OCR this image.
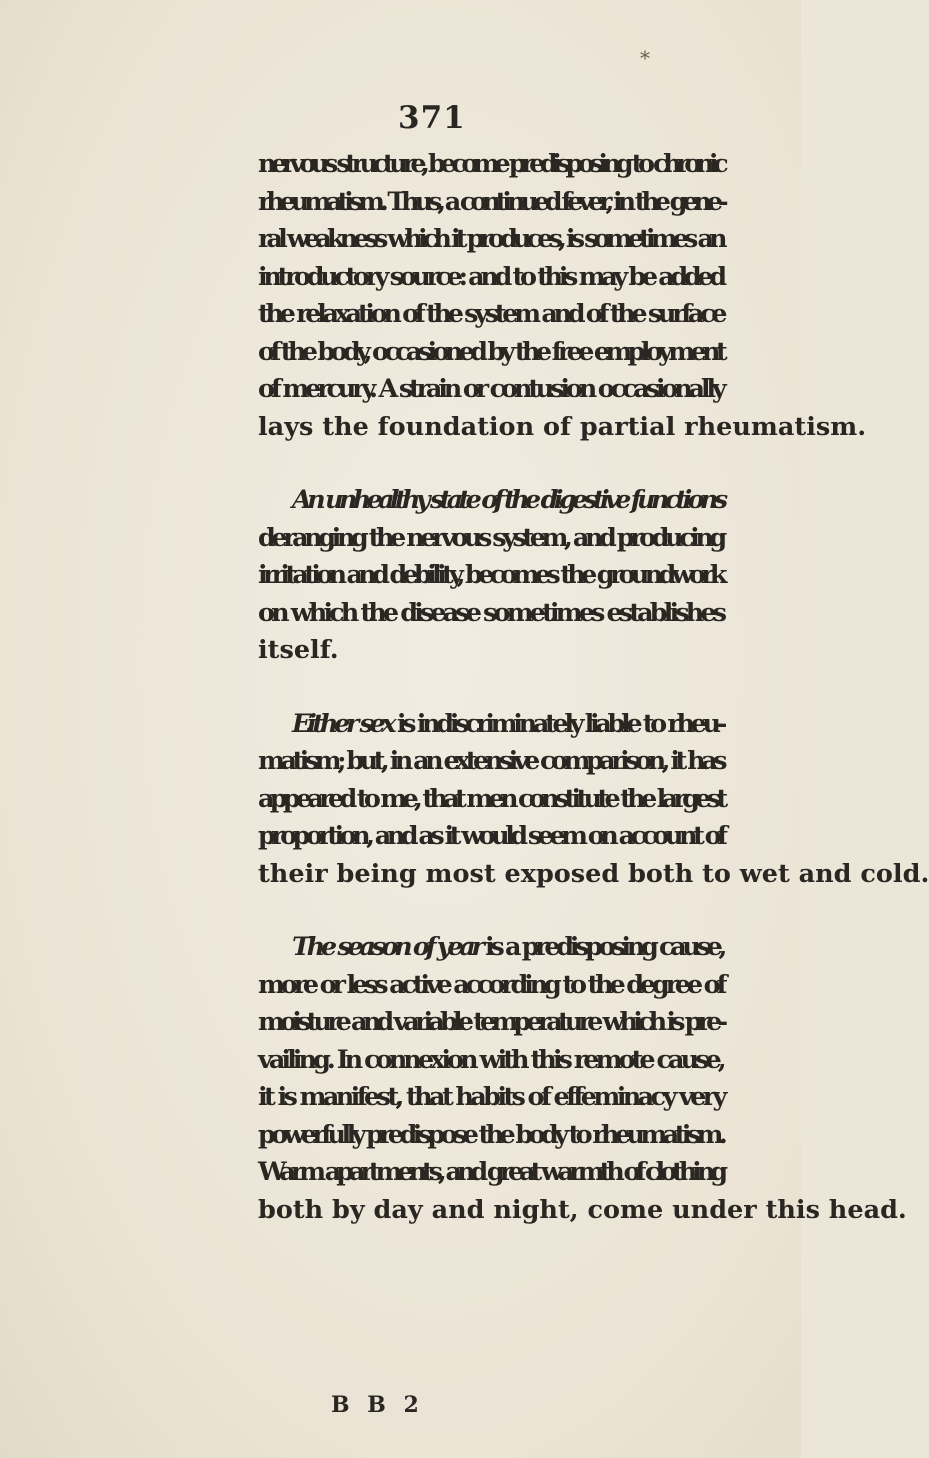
⁎
371

nervous structure, become predisposing to chronic
rheumatism. Thus, a continued fever, in the gene-
ral weakness which it produces, is sometimes an
introductory source: and to this may be added
the relaxation of the system and of the surface
of the body, occasioned by the free employment
of mercury. A strain or contusion occasionally
lays the foundation of partial rheumatism.

An unhealthy state of the digestive functions
deranging the nervous system, and producing
irritation and debility, becomes the groundwork
on which the disease sometimes establishes
itself.

Either sex is indiscriminately liable to rheu-
matism; but, in an extensive comparison, it has
appeared to me, that men constitute the largest
proportion, and as it would seem on account of
their being most exposed both to wet and cold.

The season of year is a predisposing cause,
more or less active according to the degree of
moisture and variable temperature which is pre-
vailing. In connexion with this remote cause,
it is manifest, that habits of effeminacy very
powerfully predispose the body to rheumatism.
Warm apartments, and great warmth of clothing
both by day and night, come under this head.

B B 2
